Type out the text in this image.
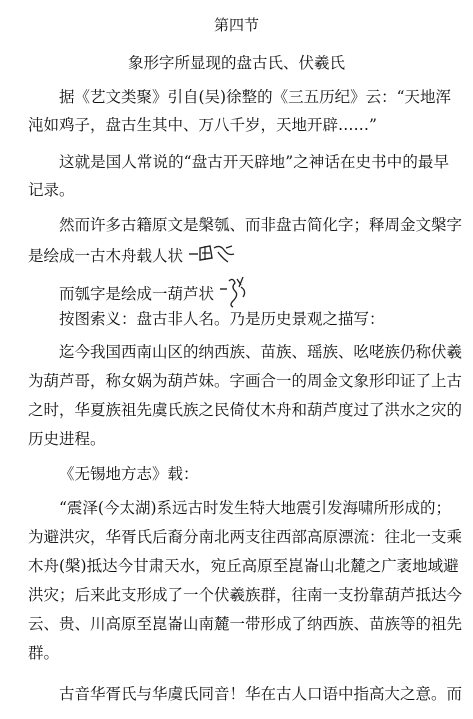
第四节
象形字所显现的盘古氏、伏羲氏
据《艺文类聚》引自(吴)徐整的《三五历纪》云：“天地浑
沌如鸡子，盘古生其中、万八千岁，天地开辟……”
这就是国人常说的“盘古开天辟地”之神话在史书中的最早
记录。
然而许多古籍原文是槃瓠、而非盘古简化字；释周金文槃字
是绘成一古木舟载人状
而瓠字是绘成一葫芦状
按图索义：盘古非人名。乃是历史景观之描写：
迄今我国西南山区的纳西族、苗族、瑶族、吆咾族仍称伏羲
为葫芦哥，称女娲为葫芦妹。字画合一的周金文象形印证了上古
之时，华夏族祖先虞氏族之民倚仗木舟和葫芦度过了洪水之灾的
历史进程。
《无锡地方志》载：
“震泽(今太湖)系远古时发生特大地震引发海啸所形成的；
为避洪灾，华胥氏后裔分南北两支往西部高原漂流：往北一支乘
木舟(槃)抵达今甘肃天水，宛丘高原至崑崙山北麓之广袤地域避
洪灾；后来此支形成了一个伏羲族群，往南一支扮靠葫芦抵达今
云、贵、川高原至崑崙山南麓一带形成了纳西族、苗族等的祖先
群。
古音华胥氏与华虞氏同音！华在古人口语中指高大之意。而
